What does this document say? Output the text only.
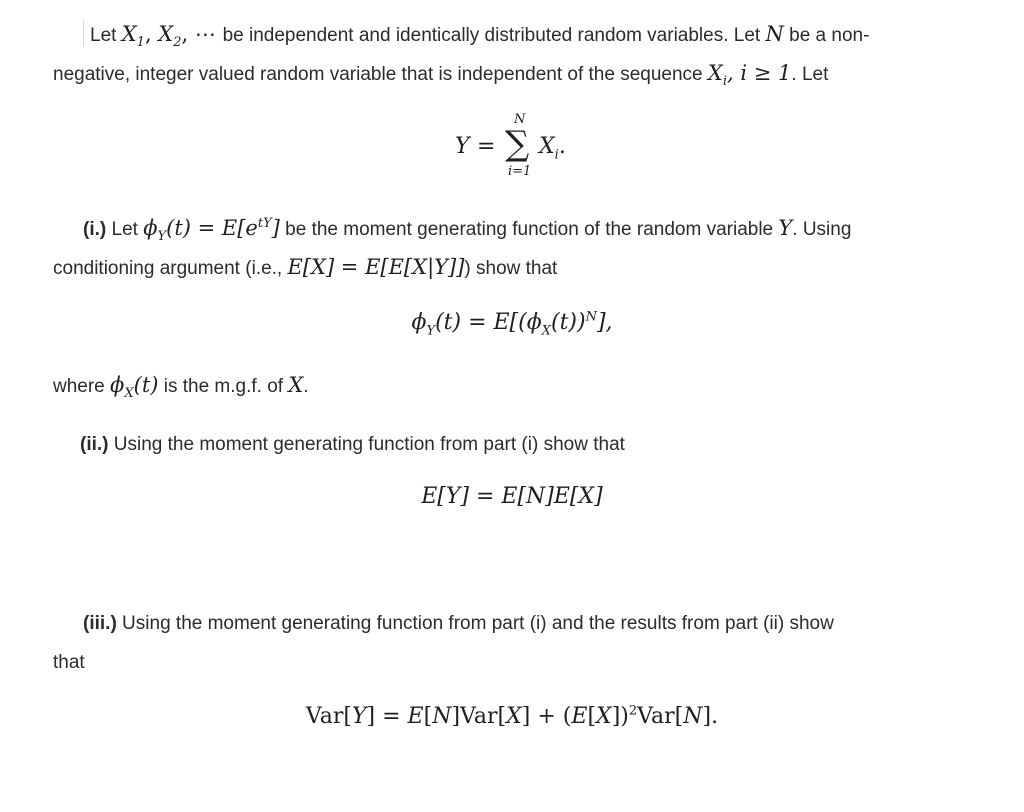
Let $X_1$, $X_2$, ⋯ be independent and identically distributed random variables. Let N be a non-
negative, integer valued random variable that is independent of the sequence $X_i$, i ≥ 1. Let
Y =
N
∑
i=1
$X_i$.
(i.) Let $\phi_Y(t) = E[e^{tY}]$ be the moment generating function of the random variable Y. Using
conditioning argument (i.e., E[X] = E[E[X|Y]]) show that
$\phi_Y(t) = E[(\phi_X(t))^N]$,
where $\phi_X(t)$ is the m.g.f. of X.
(ii.) Using the moment generating function from part (i) show that
E[Y] = E[N]E[X]
(iii.) Using the moment generating function from part (i) and the results from part (ii) show
that
$Var[Y] = E[N]Var[X] + (E[X])^2Var[N]$.
